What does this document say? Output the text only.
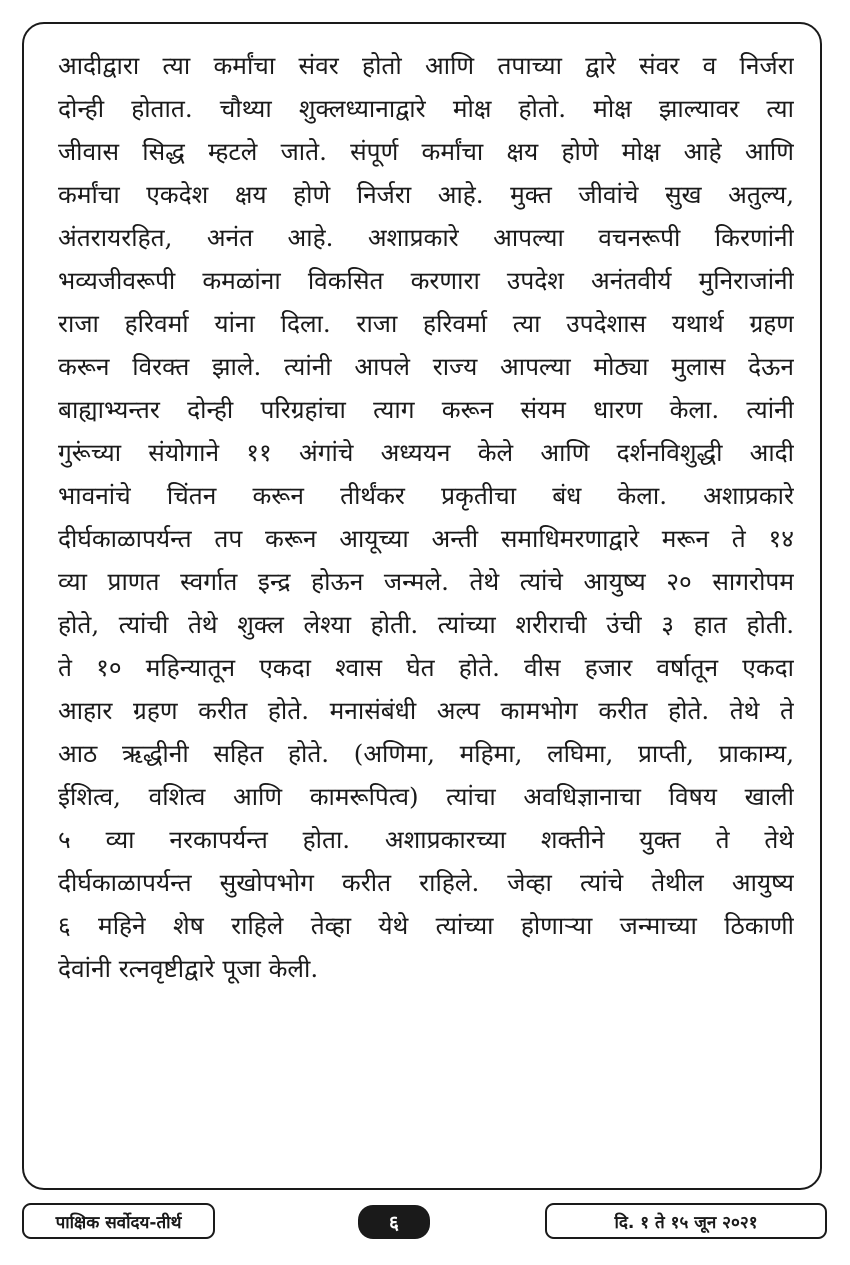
आदीद्वारा त्या कर्मांचा संवर होतो आणि तपाच्या द्वारे संवर व निर्जरा
दोन्ही होतात. चौथ्या शुक्लध्यानाद्वारे मोक्ष होतो. मोक्ष झाल्यावर त्या
जीवास सिद्ध म्हटले जाते. संपूर्ण कर्मांचा क्षय होणे मोक्ष आहे आणि
कर्मांचा एकदेश क्षय होणे निर्जरा आहे. मुक्त जीवांचे सुख अतुल्य,
अंतरायरहित, अनंत आहे. अशाप्रकारे आपल्या वचनरूपी किरणांनी
भव्यजीवरूपी कमळांना विकसित करणारा उपदेश अनंतवीर्य मुनिराजांनी
राजा हरिवर्मा यांना दिला. राजा हरिवर्मा त्या उपदेशास यथार्थ ग्रहण
करून विरक्त झाले. त्यांनी आपले राज्य आपल्या मोठ्या मुलास देऊन
बाह्याभ्यन्तर दोन्ही परिग्रहांचा त्याग करून संयम धारण केला. त्यांनी
गुरूंच्या संयोगाने ११ अंगांचे अध्ययन केले आणि दर्शनविशुद्धी आदी
भावनांचे चिंतन करून तीर्थंकर प्रकृतीचा बंध केला. अशाप्रकारे
दीर्घकाळापर्यन्त तप करून आयूच्या अन्ती समाधिमरणाद्वारे मरून ते १४
व्या प्राणत स्वर्गात इन्द्र होऊन जन्मले. तेथे त्यांचे आयुष्य २० सागरोपम
होते, त्यांची तेथे शुक्ल लेश्या होती. त्यांच्या शरीराची उंची ३ हात होती.
ते १० महिन्यातून एकदा श्वास घेत होते. वीस हजार वर्षातून एकदा
आहार ग्रहण करीत होते. मनासंबंधी अल्प कामभोग करीत होते. तेथे ते
आठ ऋद्धीनी सहित होते. (अणिमा, महिमा, लघिमा, प्राप्ती, प्राकाम्य,
ईशित्व, वशित्व आणि कामरूपित्व) त्यांचा अवधिज्ञानाचा विषय खाली
५ व्या नरकापर्यन्त होता. अशाप्रकारच्या शक्तीने युक्त ते तेथे
दीर्घकाळापर्यन्त सुखोपभोग करीत राहिले. जेव्हा त्यांचे तेथील आयुष्य
६ महिने शेष राहिले तेव्हा येथे त्यांच्या होणाऱ्या जन्माच्या ठिकाणी
देवांनी रत्नवृष्टीद्वारे पूजा केली.
पाक्षिक सर्वोदय-तीर्थ	६	दि. १ ते १५ जून २०२१
